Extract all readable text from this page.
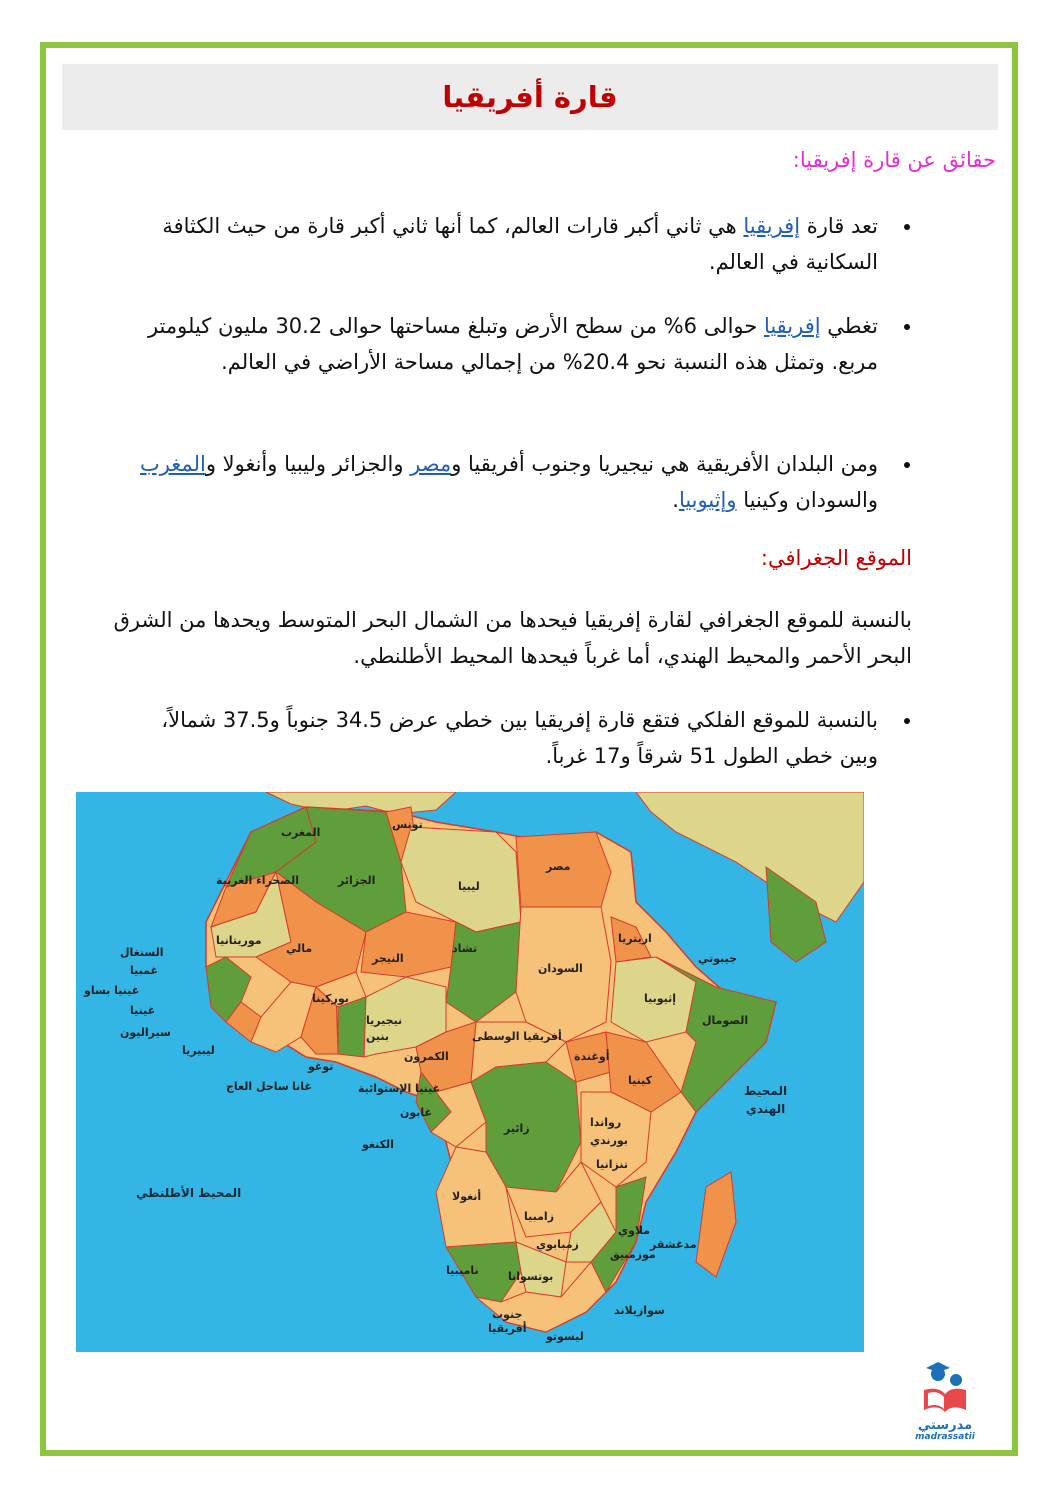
قارة أفريقيا
حقائق عن قارة إفريقيا:

تعد قارة إفريقيا هي ثاني أكبر قارات العالم، كما أنها ثاني أكبر قارة من حيث الكثافة السكانية في العالم.

تغطي إفريقيا حوالى 6% من سطح الأرض وتبلغ مساحتها حوالى 30.2 مليون كيلومتر مربع. وتمثل هذه النسبة نحو 20.4% من إجمالي مساحة الأراضي في العالم.

ومن البلدان الأفريقية هي نيجيريا وجنوب أفريقيا ومصر والجزائر وليبيا وأنغولا والمغرب والسودان وكينيا وإثيوبيا.

الموقع الجغرافي:

بالنسبة للموقع الجغرافي لقارة إفريقيا فيحدها من الشمال البحر المتوسط ويحدها من الشرق البحر الأحمر والمحيط الهندي، أما غرباً فيحدها المحيط الأطلنطي.

بالنسبة للموقع الفلكي فتقع قارة إفريقيا بين خطي عرض 34.5 جنوباً و37.5 شمالاً، وبين خطي الطول 51 شرقاً و17 غرباً.

المغرب
الصحراء الغربية	الجزائر
تونس
ليبيا
مصر
موريتانيا
مالي
النيجر
تشاد
السودان
اريتريا
جيبوتي
إثيوبيا
الصومال
السنغال
غمبيا
غينيا بساو
غينيا
سيراليون
ليبيريا
ساحل العاج غانا
توغو
بوركينا
نيجيريا
بنين
الكمرون
أفريقيا الوسطى
أوغندة
كينيا
غينيا الإستوائية
غابون
الكنغو
زائير	رواندا
بورندي
تنزانيا
أنغولا
زامبيا
ملاوي
موزمبيق
زمبابوي
ناميبيا	بوتسوانا
مدغشقر
سوازيلاند
جنوب
أفريقيا
ليسوتو
المحيط
الهندي
المحيط الأطلنطي
مدرستي
madrassatii
